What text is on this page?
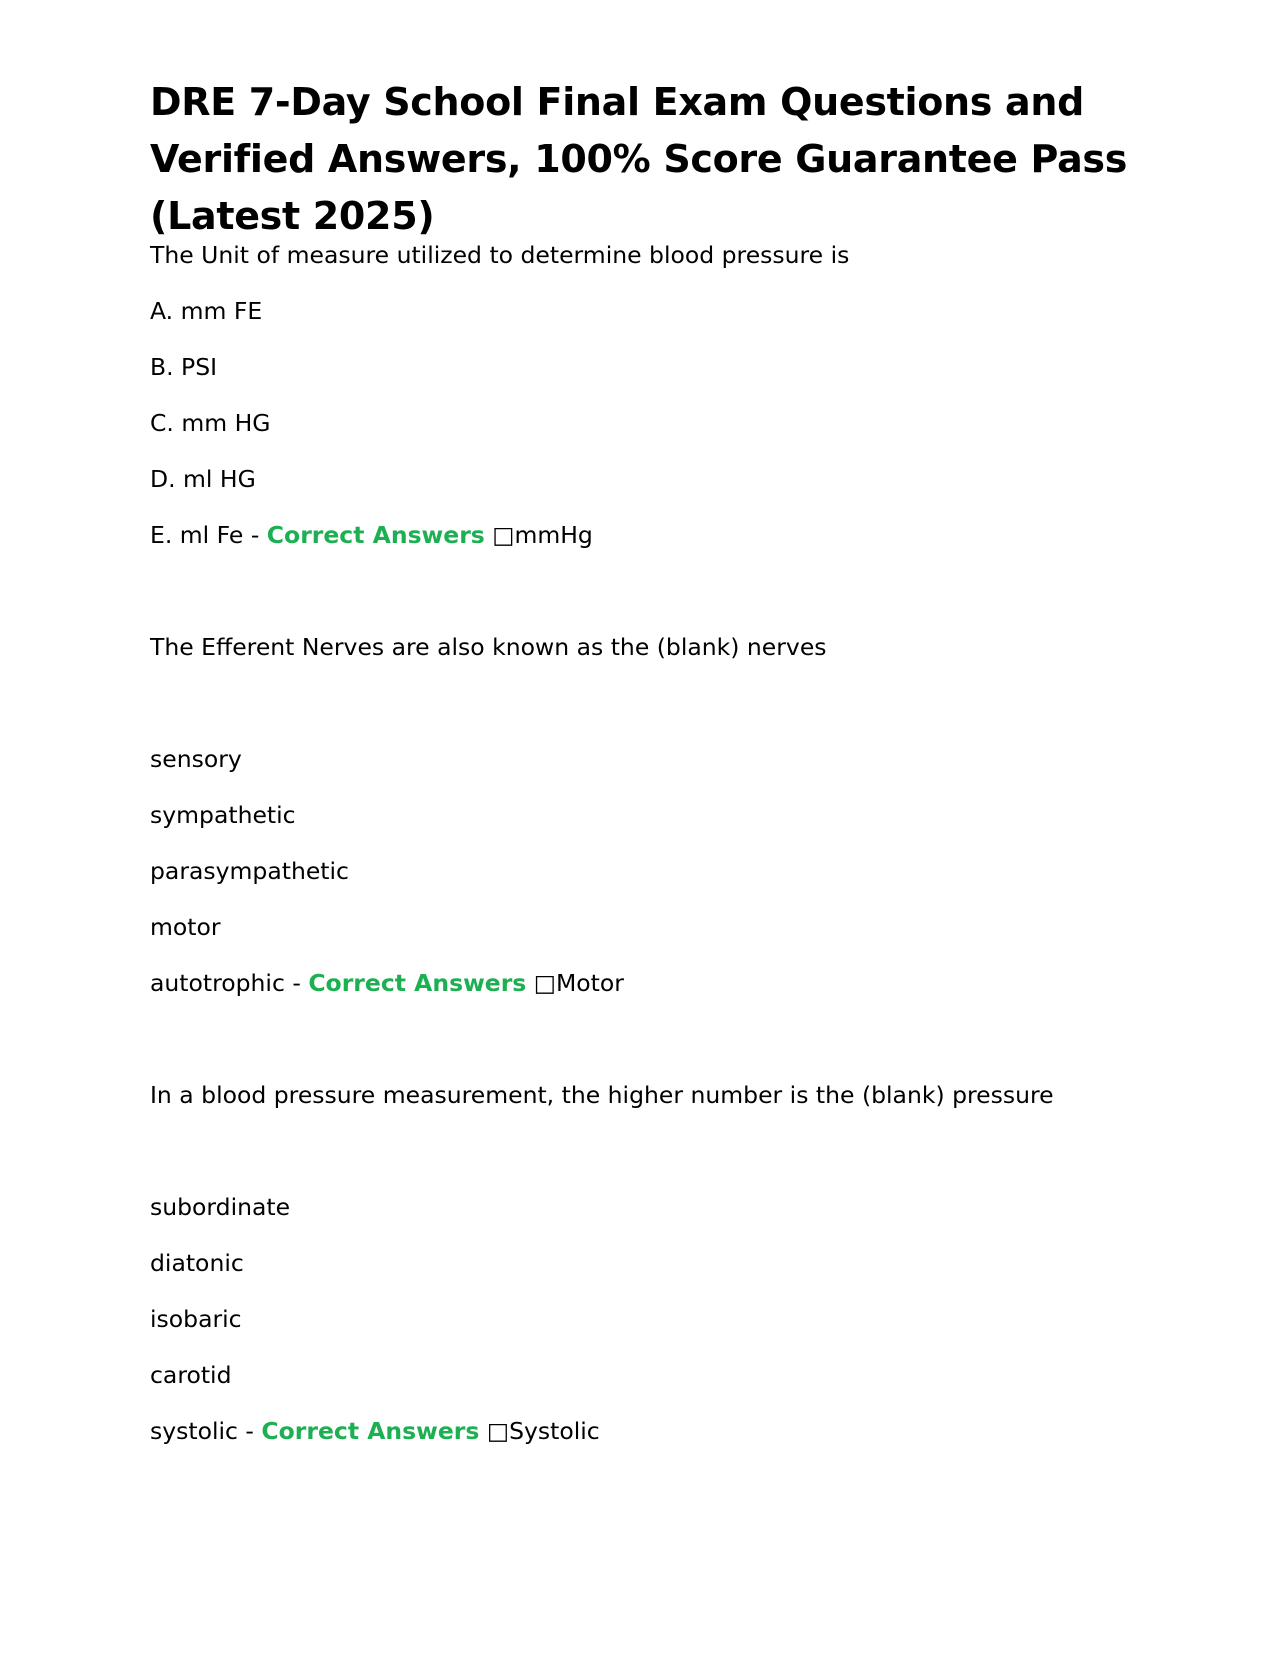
DRE 7-Day School Final Exam Questions and Verified Answers, 100% Score Guarantee Pass (Latest 2025)

The Unit of measure utilized to determine blood pressure is

A. mm FE

B. PSI

C. mm HG

D. ml HG

E. ml Fe - Correct Answers □mmHg

The Efferent Nerves are also known as the (blank) nerves

sensory

sympathetic

parasympathetic

motor

autotrophic - Correct Answers □Motor

In a blood pressure measurement, the higher number is the (blank) pressure

subordinate

diatonic

isobaric

carotid

systolic - Correct Answers □Systolic
